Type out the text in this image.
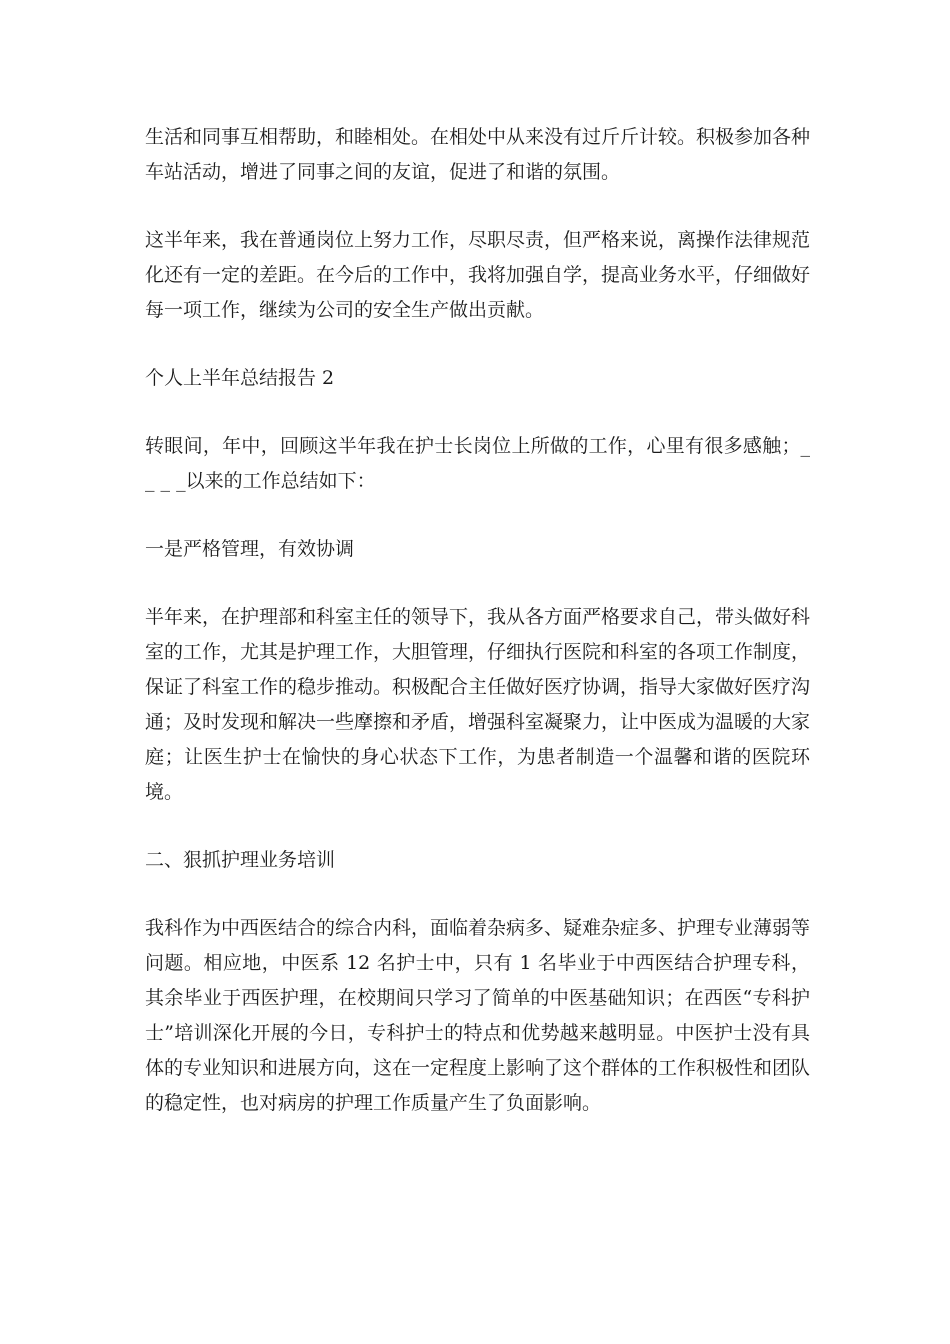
生活和同事互相帮助，和睦相处。在相处中从来没有过斤斤计较。积极参加各种车站活动，增进了同事之间的友谊，促进了和谐的氛围。

这半年来，我在普通岗位上努力工作，尽职尽责，但严格来说，离操作法律规范化还有一定的差距。在今后的工作中，我将加强自学，提高业务水平，仔细做好每一项工作，继续为公司的安全生产做出贡献。

个人上半年总结报告 2

转眼间，年中，回顾这半年我在护士长岗位上所做的工作，心里有很多感触；_ _ _ _以来的工作总结如下：

一是严格管理，有效协调

半年来，在护理部和科室主任的领导下，我从各方面严格要求自己，带头做好科室的工作，尤其是护理工作，大胆管理，仔细执行医院和科室的各项工作制度，保证了科室工作的稳步推动。积极配合主任做好医疗协调，指导大家做好医疗沟通；及时发现和解决一些摩擦和矛盾，增强科室凝聚力，让中医成为温暖的大家庭；让医生护士在愉快的身心状态下工作，为患者制造一个温馨和谐的医院环境。

二、狠抓护理业务培训

我科作为中西医结合的综合内科，面临着杂病多、疑难杂症多、护理专业薄弱等问题。相应地，中医系 12 名护士中，只有 1 名毕业于中西医结合护理专科，其余毕业于西医护理，在校期间只学习了简单的中医基础知识；在西医“专科护士”培训深化开展的今日，专科护士的特点和优势越来越明显。中医护士没有具体的专业知识和进展方向，这在一定程度上影响了这个群体的工作积极性和团队的稳定性，也对病房的护理工作质量产生了负面影响。
